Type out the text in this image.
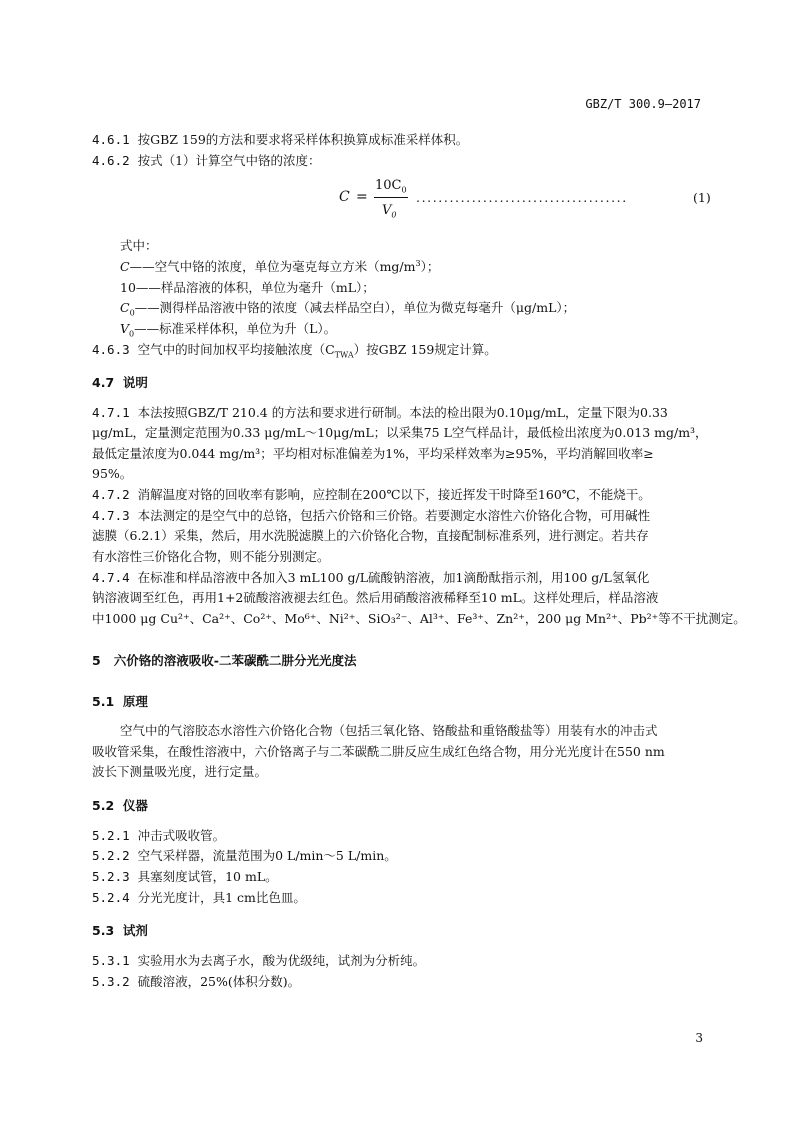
GBZ/T 300.9—2017
4.6.1 按GBZ 159的方法和要求将采样体积换算成标准采样体积。
4.6.2 按式（1）计算空气中铬的浓度：
C =
$10C_0$
$V_0$
......................................	(1)
式中：
C——空气中铬的浓度，单位为毫克每立方米$(mg/m^3)$；
10——样品溶液的体积，单位为毫升（mL）；
$C_0——$测得样品溶液中铬的浓度（减去样品空白），单位为微克每毫升（μg/mL）；
$V_0——$标准采样体积，单位为升（L）。
4.6.3 空气中的时间加权平均接触浓度$(C_{TWA})$按GBZ 159规定计算。
4.7 说明
4.7.1 本法按照GBZ/T 210.4 的方法和要求进行研制。本法的检出限为0.10μg/mL，定量下限为0.33
μg/mL，定量测定范围为0.33 μg/mL～10μg/mL；以采集75 L空气样品计，最低检出浓度为0.013 mg/m³，
最低定量浓度为0.044 mg/m³；平均相对标准偏差为1%，平均采样效率为≥95%，平均消解回收率≥
95%。
4.7.2 消解温度对铬的回收率有影响，应控制在200℃以下，接近挥发干时降至160℃，不能烧干。
4.7.3 本法测定的是空气中的总铬，包括六价铬和三价铬。若要测定水溶性六价铬化合物，可用碱性
滤膜（6.2.1）采集，然后，用水洗脱滤膜上的六价铬化合物，直接配制标准系列，进行测定。若共存
有水溶性三价铬化合物，则不能分别测定。
4.7.4 在标准和样品溶液中各加入3 mL100 g/L硫酸钠溶液，加1滴酚酞指示剂，用100 g/L氢氧化
钠溶液调至红色，再用1+2硫酸溶液褪去红色。然后用硝酸溶液稀释至10 mL。这样处理后，样品溶液
中1000 μg Cu²⁺、Ca²⁺、Co²⁺、Mo⁶⁺、Ni²⁺、SiO₃²⁻、Al³⁺、Fe³⁺、Zn²⁺，200 μg Mn²⁺、Pb²⁺等不干扰测定。
5 六价铬的溶液吸收-二苯碳酰二肼分光光度法
5.1 原理
空气中的气溶胶态水溶性六价铬化合物（包括三氧化铬、铬酸盐和重铬酸盐等）用装有水的冲击式
吸收管采集，在酸性溶液中，六价铬离子与二苯碳酰二肼反应生成红色络合物，用分光光度计在550 nm
波长下测量吸光度，进行定量。
5.2 仪器
5.2.1 冲击式吸收管。
5.2.2 空气采样器，流量范围为0 L/min～5 L/min。
5.2.3 具塞刻度试管，10 mL。
5.2.4 分光光度计，具1 cm比色皿。
5.3 试剂
5.3.1 实验用水为去离子水，酸为优级纯，试剂为分析纯。
5.3.2 硫酸溶液，25%(体积分数)。
3
